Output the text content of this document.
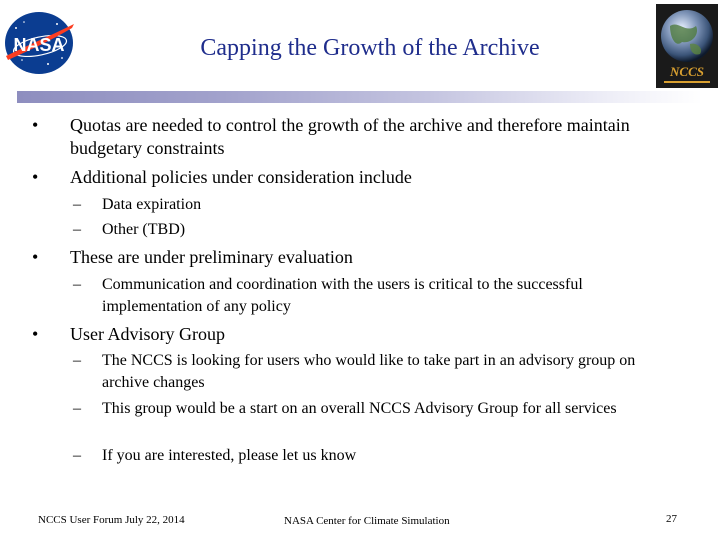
NASA
NCCS
Capping the Growth of the Archive
• Quotas are needed to control the growth of the archive and therefore maintain budgetary constraints
• Additional policies under consideration include
– Data expiration
– Other (TBD)
• These are under preliminary evaluation
– Communication and coordination with the users is critical to the successful implementation of any policy
• User Advisory Group
– The NCCS is looking for users who would like to take part in an advisory group on archive changes
– This group would be a start on an overall NCCS Advisory Group for all services
– If you are interested, please let us know
NCCS User Forum July 22, 2014	NASA Center for Climate Simulation	27
